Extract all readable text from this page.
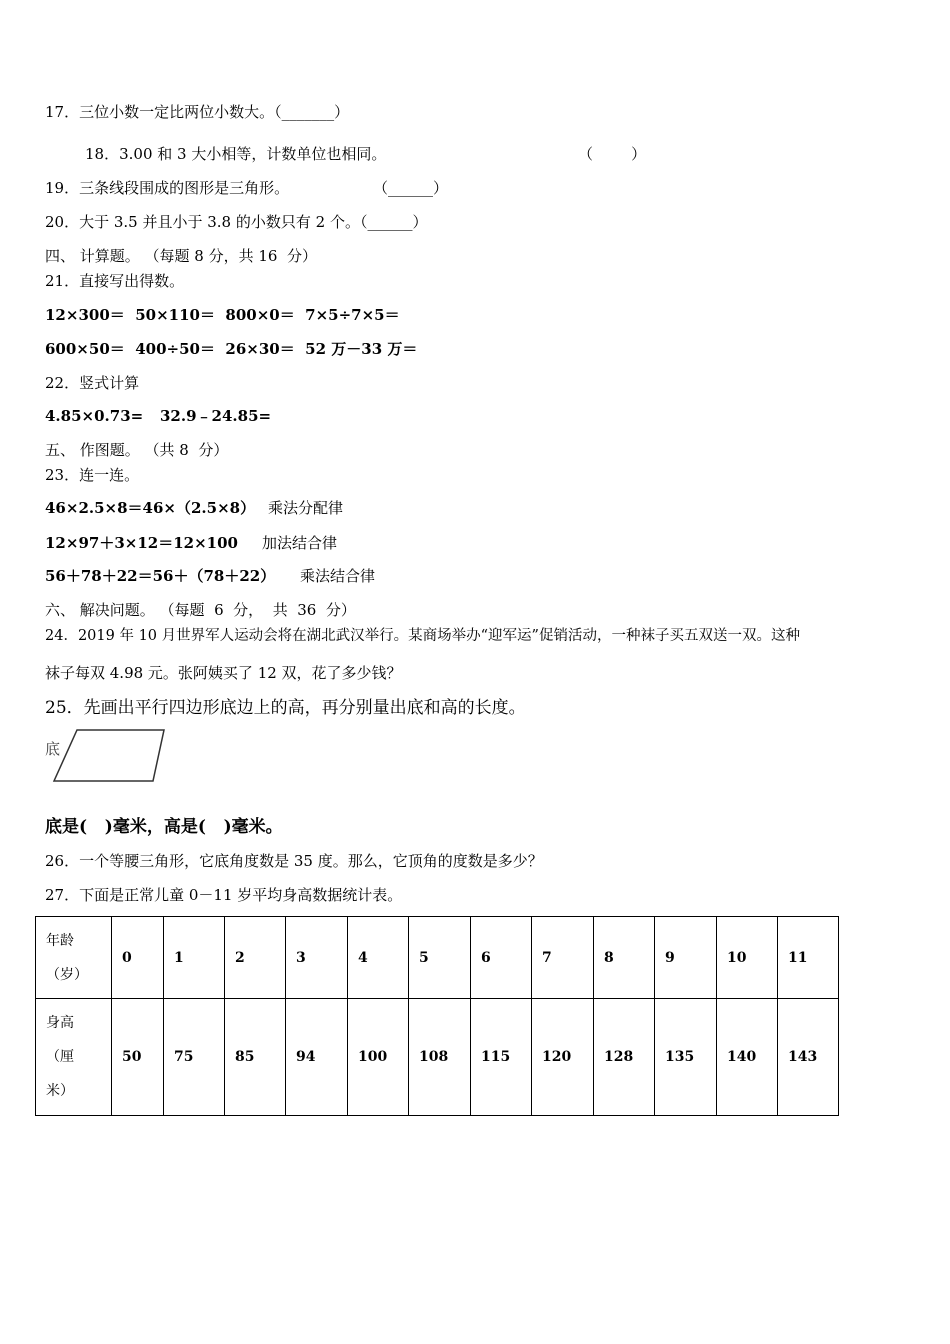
17．三位小数一定比两位小数大。（_______）
18．3.00 和 3 大小相等，计数单位也相同。	（        ）
19．三条线段围成的图形是三角形。	（______）
20．大于 3.5 并且小于 3.8 的小数只有 2 个。（______）
四、 计算题。 （每题 8 分，共 16  分）
21．直接写出得数。
12×300＝  50×110＝  800×0＝  7×5÷7×5＝
600×50＝  400÷50＝  26×30＝  52 万－33 万＝
22．竖式计算
4.85×0.73= 32.9﹣24.85=
五、 作图题。 （共 8  分）
23．连一连。
46×2.5×8＝46×（2.5×8） 乘法分配律
12×97＋3×12＝12×100 加法结合律
56＋78＋22＝56＋（78＋22） 乘法结合律
六、 解决问题。 （每题  6  分，  共  36  分）
24．2019 年 10 月世界军人运动会将在湖北武汉举行。某商场举办“迎军运”促销活动，一种袜子买五双送一双。这种
袜子每双 4.98 元。张阿姨买了 12 双，花了多少钱？
25．先画出平行四边形底边上的高，再分别量出底和高的长度。
底
底是(   )毫米，高是(   )毫米。
26．一个等腰三角形，它底角度数是 35 度。那么，它顶角的度数是多少？
27．下面是正常儿童 0－11 岁平均身高数据统计表。
年龄
（岁）	0	1	2	3	4	5	6	7	8	9	10	11

身高
（厘
米）	50	75	85	94	100	108	115	120	128	135	140	143
